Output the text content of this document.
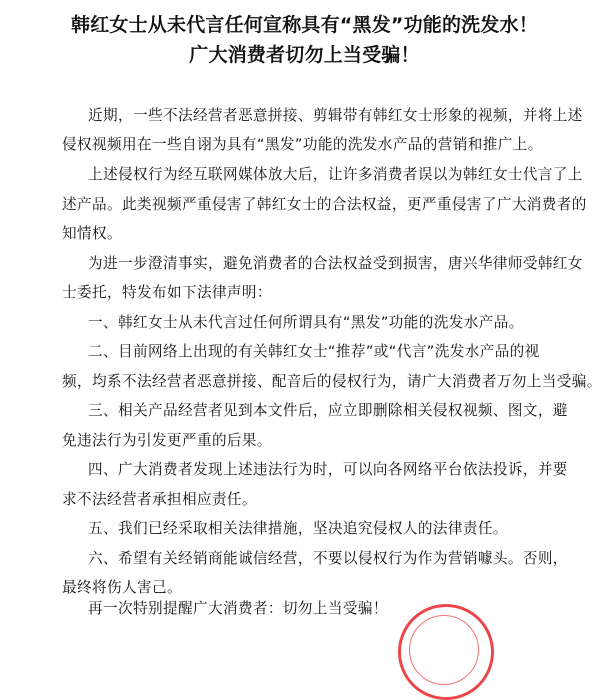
韩红女士从未代言任何宣称具有“黑发”功能的洗发水！
广大消费者切勿上当受骗！
近期，一些不法经营者恶意拼接、剪辑带有韩红女士形象的视频，并将上述
侵权视频用在一些自诩为具有“黑发”功能的洗发水产品的营销和推广上。
上述侵权行为经互联网媒体放大后，让许多消费者误以为韩红女士代言了上
述产品。此类视频严重侵害了韩红女士的合法权益，更严重侵害了广大消费者的
知情权。
为进一步澄清事实，避免消费者的合法权益受到损害，唐兴华律师受韩红女
士委托，特发布如下法律声明：
一、韩红女士从未代言过任何所谓具有“黑发”功能的洗发水产品。
二、目前网络上出现的有关韩红女士“推荐”或“代言”洗发水产品的视
频，均系不法经营者恶意拼接、配音后的侵权行为，请广大消费者万勿上当受骗。
三、相关产品经营者见到本文件后，应立即删除相关侵权视频、图文，避
免违法行为引发更严重的后果。
四、广大消费者发现上述违法行为时，可以向各网络平台依法投诉，并要
求不法经营者承担相应责任。
五、我们已经采取相关法律措施，坚决追究侵权人的法律责任。
六、希望有关经销商能诚信经营，不要以侵权行为作为营销噱头。否则，
最终将伤人害己。
再一次特别提醒广大消费者：切勿上当受骗！
